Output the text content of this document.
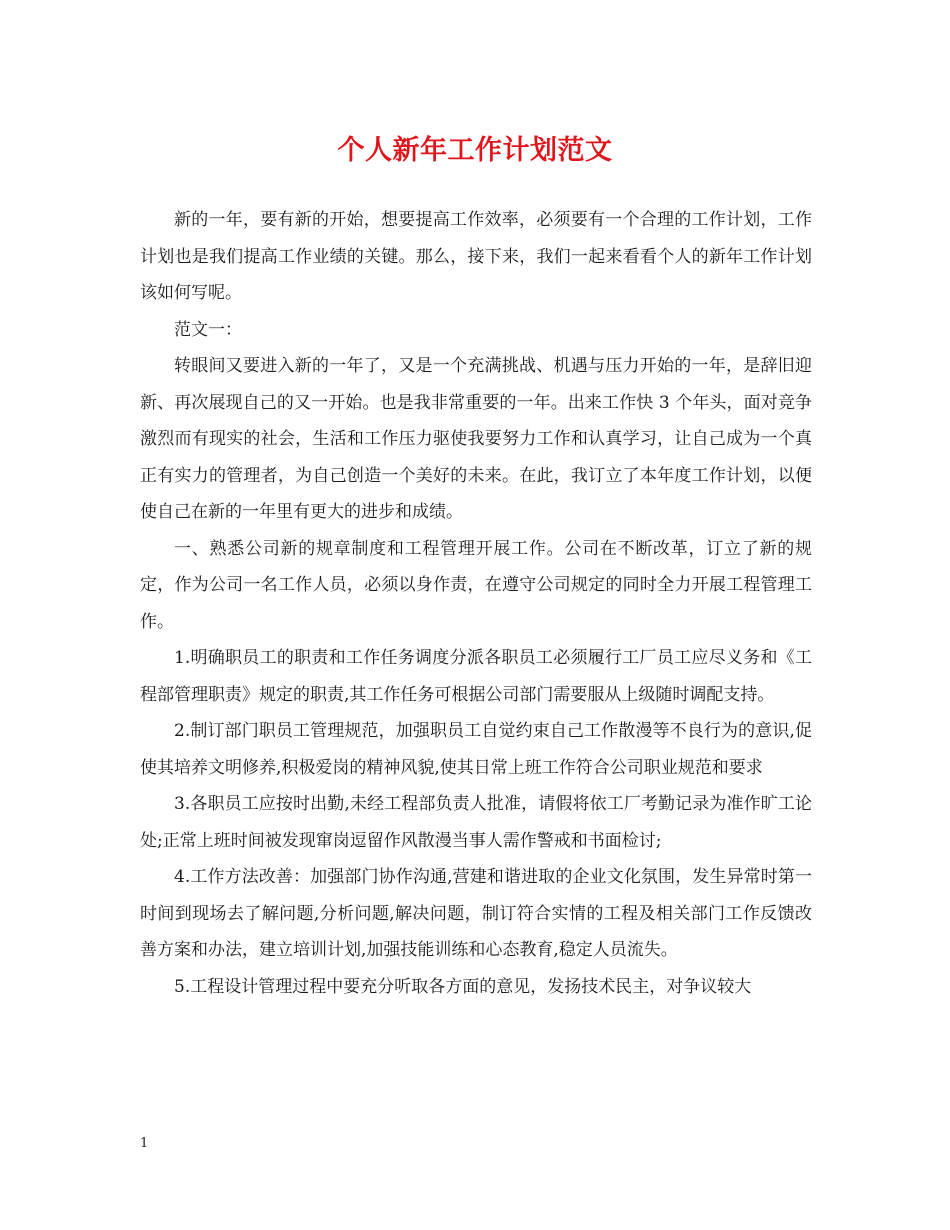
个人新年工作计划范文

新的一年，要有新的开始，想要提高工作效率，必须要有一个合理的工作计划，工作计划也是我们提高工作业绩的关键。那么，接下来，我们一起来看看个人的新年工作计划该如何写呢。

范文一：

转眼间又要进入新的一年了，又是一个充满挑战、机遇与压力开始的一年，是辞旧迎新、再次展现自己的又一开始。也是我非常重要的一年。出来工作快 3 个年头，面对竞争激烈而有现实的社会，生活和工作压力驱使我要努力工作和认真学习，让自己成为一个真正有实力的管理者，为自己创造一个美好的未来。在此，我订立了本年度工作计划，以便使自己在新的一年里有更大的进步和成绩。

一、熟悉公司新的规章制度和工程管理开展工作。公司在不断改革，订立了新的规定，作为公司一名工作人员，必须以身作责，在遵守公司规定的同时全力开展工程管理工作。

1.明确职员工的职责和工作任务调度分派各职员工必须履行工厂员工应尽义务和《工程部管理职责》规定的职责,其工作任务可根据公司部门需要服从上级随时调配支持。

2.制订部门职员工管理规范，加强职员工自觉约束自己工作散漫等不良行为的意识,促使其培养文明修养,积极爱岗的精神风貌,使其日常上班工作符合公司职业规范和要求

3.各职员工应按时出勤,未经工程部负责人批准，请假将依工厂考勤记录为准作旷工论处;正常上班时间被发现窜岗逗留作风散漫当事人需作警戒和书面检讨;

4.工作方法改善：加强部门协作沟通,营建和谐进取的企业文化氛围，发生异常时第一时间到现场去了解问题,分析问题,解决问题，制订符合实情的工程及相关部门工作反馈改善方案和办法，建立培训计划,加强技能训练和心态教育,稳定人员流失。

5.工程设计管理过程中要充分听取各方面的意见，发扬技术民主，对争议较大

1
